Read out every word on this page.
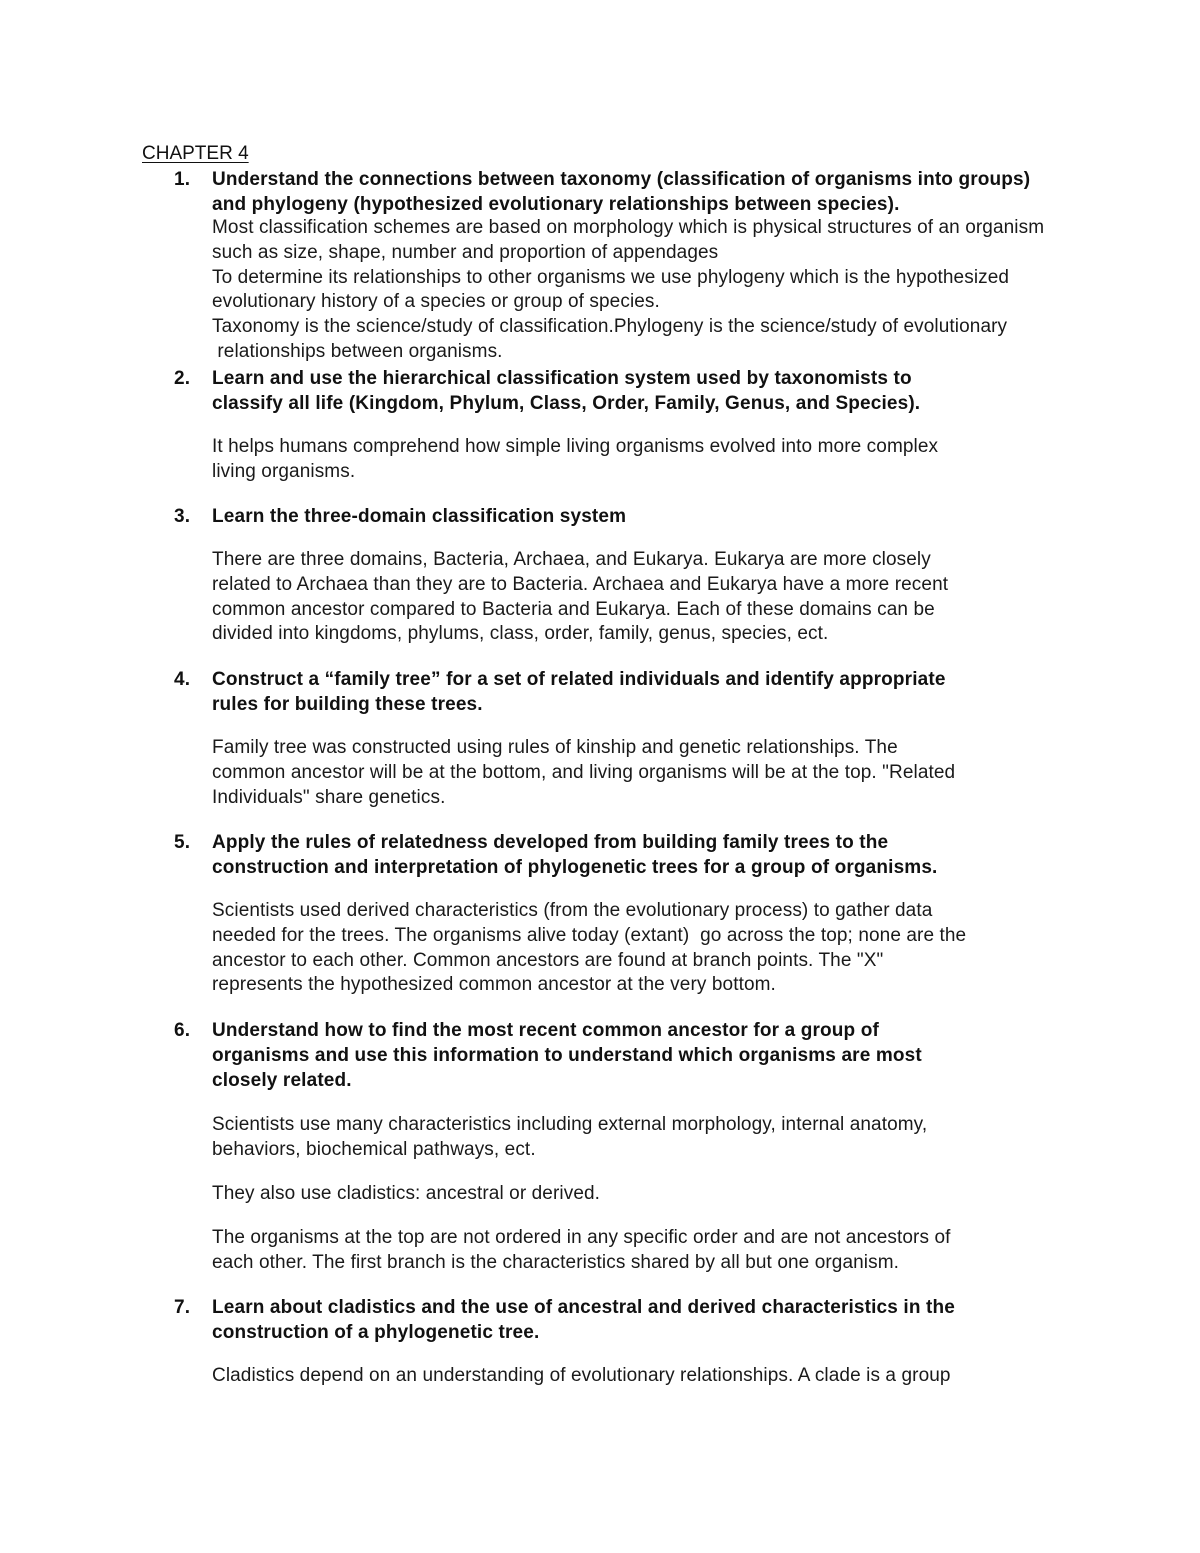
CHAPTER 4
1. Understand the connections between taxonomy (classification of organisms into groups)
and phylogeny (hypothesized evolutionary relationships between species).
Most classification schemes are based on morphology which is physical structures of an organism
such as size, shape, number and proportion of appendages
To determine its relationships to other organisms we use phylogeny which is the hypothesized
evolutionary history of a species or group of species.
Taxonomy is the science/study of classification.Phylogeny is the science/study of evolutionary
relationships between organisms.
2. Learn and use the hierarchical classification system used by taxonomists to
classify all life (Kingdom, Phylum, Class, Order, Family, Genus, and Species).
It helps humans comprehend how simple living organisms evolved into more complex
living organisms.
3. Learn the three-domain classification system
There are three domains, Bacteria, Archaea, and Eukarya. Eukarya are more closely
related to Archaea than they are to Bacteria. Archaea and Eukarya have a more recent
common ancestor compared to Bacteria and Eukarya. Each of these domains can be
divided into kingdoms, phylums, class, order, family, genus, species, ect.
4. Construct a “family tree” for a set of related individuals and identify appropriate
rules for building these trees.
Family tree was constructed using rules of kinship and genetic relationships. The
common ancestor will be at the bottom, and living organisms will be at the top. "Related
Individuals" share genetics.
5. Apply the rules of relatedness developed from building family trees to the
construction and interpretation of phylogenetic trees for a group of organisms.
Scientists used derived characteristics (from the evolutionary process) to gather data
needed for the trees. The organisms alive today (extant)  go across the top; none are the
ancestor to each other. Common ancestors are found at branch points. The "X"
represents the hypothesized common ancestor at the very bottom.
6. Understand how to find the most recent common ancestor for a group of
organisms and use this information to understand which organisms are most
closely related.
Scientists use many characteristics including external morphology, internal anatomy,
behaviors, biochemical pathways, ect.
They also use cladistics: ancestral or derived.
The organisms at the top are not ordered in any specific order and are not ancestors of
each other. The first branch is the characteristics shared by all but one organism.
7. Learn about cladistics and the use of ancestral and derived characteristics in the
construction of a phylogenetic tree.
Cladistics depend on an understanding of evolutionary relationships. A clade is a group
